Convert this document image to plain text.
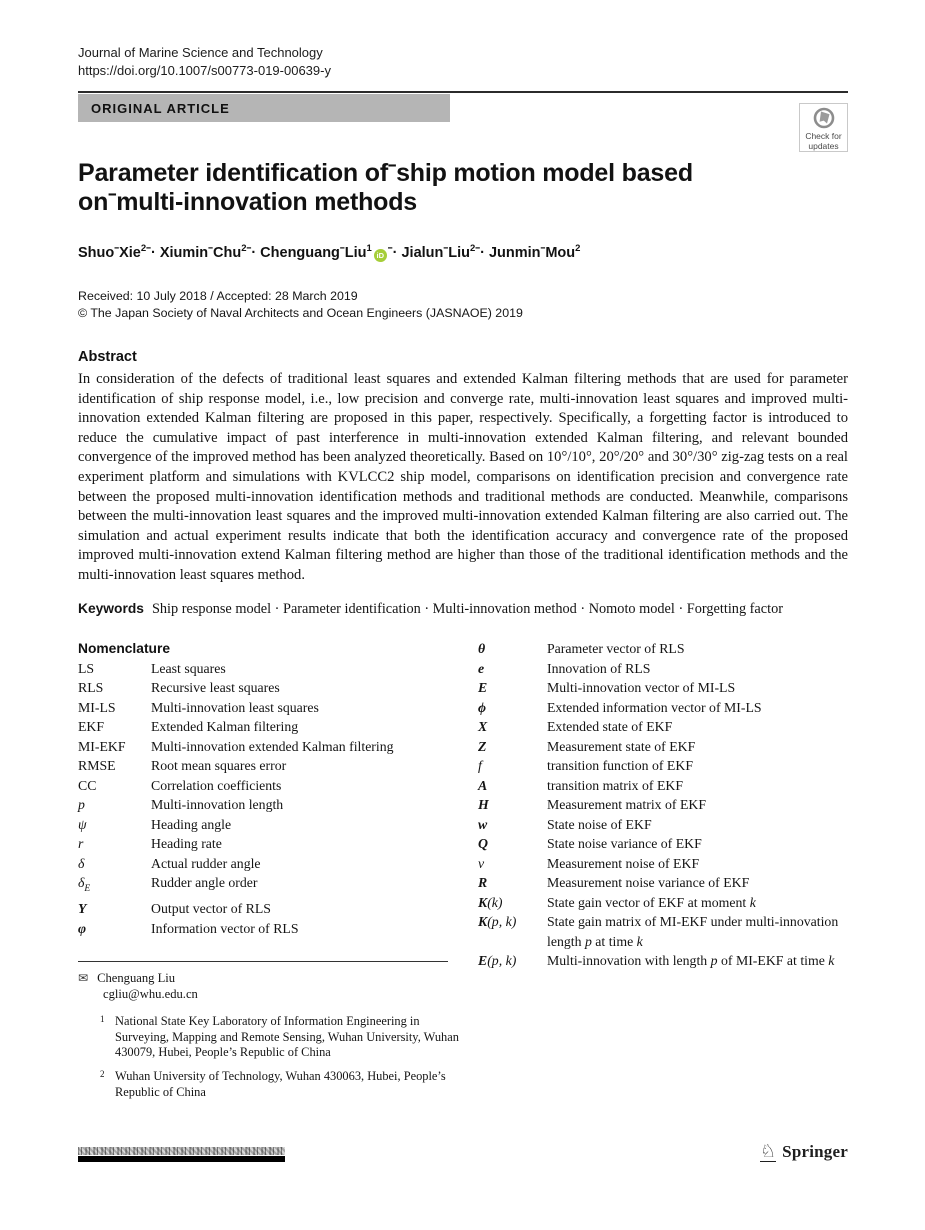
Journal of Marine Science and Technology
https://doi.org/10.1007/s00773-019-00639-y
ORIGINAL ARTICLE
Check for
updates
Parameter identification ofˉship motion model based
onˉmulti-innovation methods
ShuoˉXie$^2$ˉ· XiuminˉChu$^2$ˉ· ChenguangˉLiu$^1$iD ˉ· JialunˉLiu$^2$ˉ· JunminˉMou$^2$
Received: 10 July 2018 / Accepted: 28 March 2019
© The Japan Society of Naval Architects and Ocean Engineers (JASNAOE) 2019
Abstract
In consideration of the defects of traditional least squares and extended Kalman filtering methods that are used for parameter identification of ship response model, i.e., low precision and converge rate, multi-innovation least squares and improved multi-innovation extended Kalman filtering are proposed in this paper, respectively. Specifically, a forgetting factor is introduced to reduce the cumulative impact of past interference in multi-innovation extended Kalman filtering, and relevant bounded convergence of the improved method has been analyzed theoretically. Based on 10°/10°, 20°/20° and 30°/30° zig-zag tests on a real experiment platform and simulations with KVLCC2 ship model, comparisons on identification precision and convergence rate between the proposed multi-innovation identification methods and traditional methods are conducted. Meanwhile, comparisons between the multi-innovation least squares and the improved multi-innovation extended Kalman filtering are also carried out. The simulation and actual experiment results indicate that both the identification accuracy and convergence rate of the proposed improved multi-innovation extend Kalman filtering method are higher than those of the traditional identification methods and the multi-innovation least squares method.
Keywords Ship response model · Parameter identification · Multi-innovation method · Nomoto model · Forgetting factor
Nomenclature
LS	Least squares
RLS	Recursive least squares
MI-LS	Multi-innovation least squares
EKF	Extended Kalman filtering
MI-EKF	Multi-innovation extended Kalman filtering
RMSE	Root mean squares error
CC	Correlation coefficients
p	Multi-innovation length
ψ	Heading angle
r	Heading rate
δ	Actual rudder angle
$\delta_E$	Rudder angle order
Y	Output vector of RLS
φ	Information vector of RLS
θ	Parameter vector of RLS
e	Innovation of RLS
E	Multi-innovation vector of MI-LS
ϕ	Extended information vector of MI-LS
X	Extended state of EKF
Z	Measurement state of EKF
f	transition function of EKF
A	transition matrix of EKF
H	Measurement matrix of EKF
w	State noise of EKF
Q	State noise variance of EKF
v	Measurement noise of EKF
R	Measurement noise variance of EKF
K(k)	State gain vector of EKF at moment k
K(p, k)	State gain matrix of MI-EKF under multi-innovation length p at time k
E(p, k)	Multi-innovation with length p of MI-EKF at time k
✉ Chenguang Liu
cgliu@whu.edu.cn
1 National State Key Laboratory of Information Engineering in Surveying, Mapping and Remote Sensing, Wuhan University, Wuhan 430079, Hubei, People’s Republic of China
2 Wuhan University of Technology, Wuhan 430063, Hubei, People’s Republic of China
♘ Springer
